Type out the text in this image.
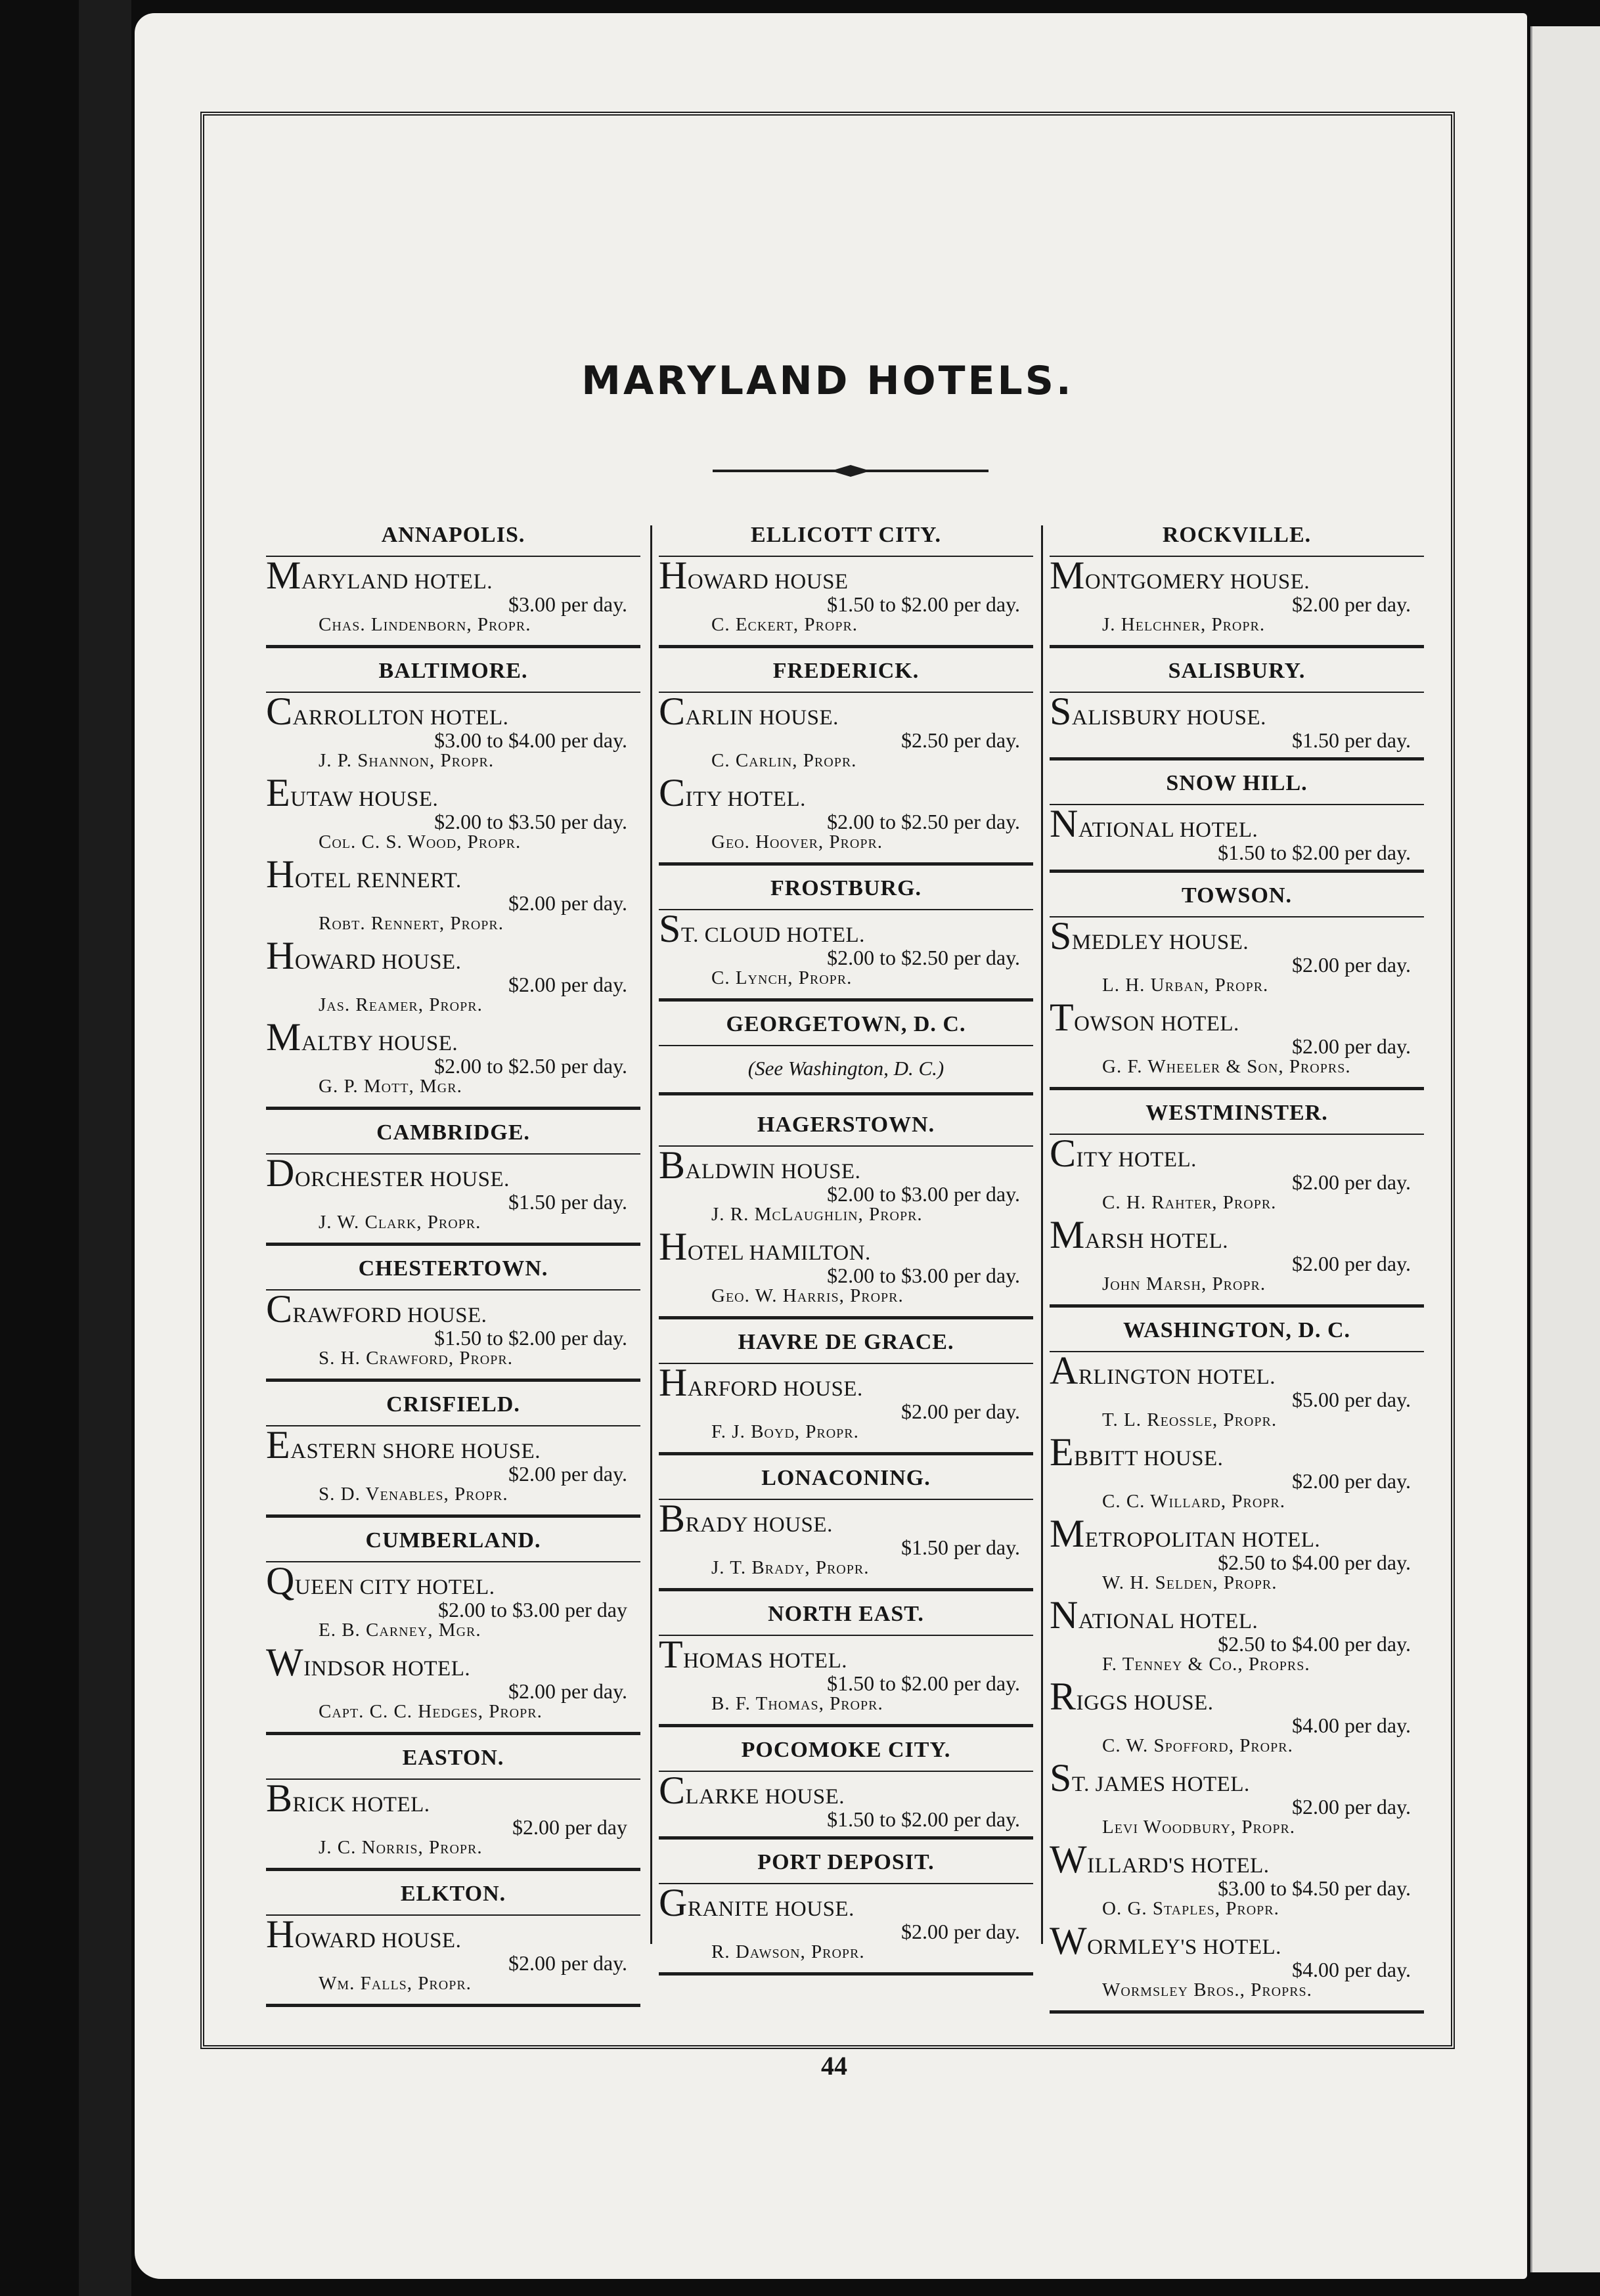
MARYLAND HOTELS.
ANNAPOLIS.
MARYLAND HOTEL.
$3.00 per day.
Chas. Lindenborn, Propr.
BALTIMORE.
CARROLLTON HOTEL.
$3.00 to $4.00 per day.
J. P. Shannon, Propr.
EUTAW HOUSE.
$2.00 to $3.50 per day.
Col. C. S. Wood, Propr.
HOTEL RENNERT.
$2.00 per day.
Robt. Rennert, Propr.
HOWARD HOUSE.
$2.00 per day.
Jas. Reamer, Propr.
MALTBY HOUSE.
$2.00 to $2.50 per day.
G. P. Mott, Mgr.
CAMBRIDGE.
DORCHESTER HOUSE.
$1.50 per day.
J. W. Clark, Propr.
CHESTERTOWN.
CRAWFORD HOUSE.
$1.50 to $2.00 per day.
S. H. Crawford, Propr.
CRISFIELD.
EASTERN SHORE HOUSE.
$2.00 per day.
S. D. Venables, Propr.
CUMBERLAND.
QUEEN CITY HOTEL.
$2.00 to $3.00 per day
E. B. Carney, Mgr.
WINDSOR HOTEL.
$2.00 per day.
Capt. C. C. Hedges, Propr.
EASTON.
BRICK HOTEL.
$2.00 per day
J. C. Norris, Propr.
ELKTON.
HOWARD HOUSE.
$2.00 per day.
Wm. Falls, Propr.
ELLICOTT CITY.
HOWARD HOUSE
$1.50 to $2.00 per day.
C. Eckert, Propr.
FREDERICK.
CARLIN HOUSE.
$2.50 per day.
C. Carlin, Propr.
CITY HOTEL.
$2.00 to $2.50 per day.
Geo. Hoover, Propr.
FROSTBURG.
ST. CLOUD HOTEL.
$2.00 to $2.50 per day.
C. Lynch, Propr.
GEORGETOWN, D. C.
(See Washington, D. C.)
HAGERSTOWN.
BALDWIN HOUSE.
$2.00 to $3.00 per day.
J. R. McLaughlin, Propr.
HOTEL HAMILTON.
$2.00 to $3.00 per day.
Geo. W. Harris, Propr.
HAVRE DE GRACE.
HARFORD HOUSE.
$2.00 per day.
F. J. Boyd, Propr.
LONACONING.
BRADY HOUSE.
$1.50 per day.
J. T. Brady, Propr.
NORTH EAST.
THOMAS HOTEL.
$1.50 to $2.00 per day.
B. F. Thomas, Propr.
POCOMOKE CITY.
CLARKE HOUSE.
$1.50 to $2.00 per day.
PORT DEPOSIT.
GRANITE HOUSE.
$2.00 per day.
R. Dawson, Propr.
ROCKVILLE.
MONTGOMERY HOUSE.
$2.00 per day.
J. Helchner, Propr.
SALISBURY.
SALISBURY HOUSE.
$1.50 per day.
SNOW HILL.
NATIONAL HOTEL.
$1.50 to $2.00 per day.
TOWSON.
SMEDLEY HOUSE.
$2.00 per day.
L. H. Urban, Propr.
TOWSON HOTEL.
$2.00 per day.
G. F. Wheeler & Son, Proprs.
WESTMINSTER.
CITY HOTEL.
$2.00 per day.
C. H. Rahter, Propr.
MARSH HOTEL.
$2.00 per day.
John Marsh, Propr.
WASHINGTON, D. C.
ARLINGTON HOTEL.
$5.00 per day.
T. L. Reossle, Propr.
EBBITT HOUSE.
$2.00 per day.
C. C. Willard, Propr.
METROPOLITAN HOTEL.
$2.50 to $4.00 per day.
W. H. Selden, Propr.
NATIONAL HOTEL.
$2.50 to $4.00 per day.
F. Tenney & Co., Proprs.
RIGGS HOUSE.
$4.00 per day.
C. W. Spofford, Propr.
ST. JAMES HOTEL.
$2.00 per day.
Levi Woodbury, Propr.
WILLARD'S HOTEL.
$3.00 to $4.50 per day.
O. G. Staples, Propr.
WORMLEY'S HOTEL.
$4.00 per day.
Wormsley Bros., Proprs.
44
